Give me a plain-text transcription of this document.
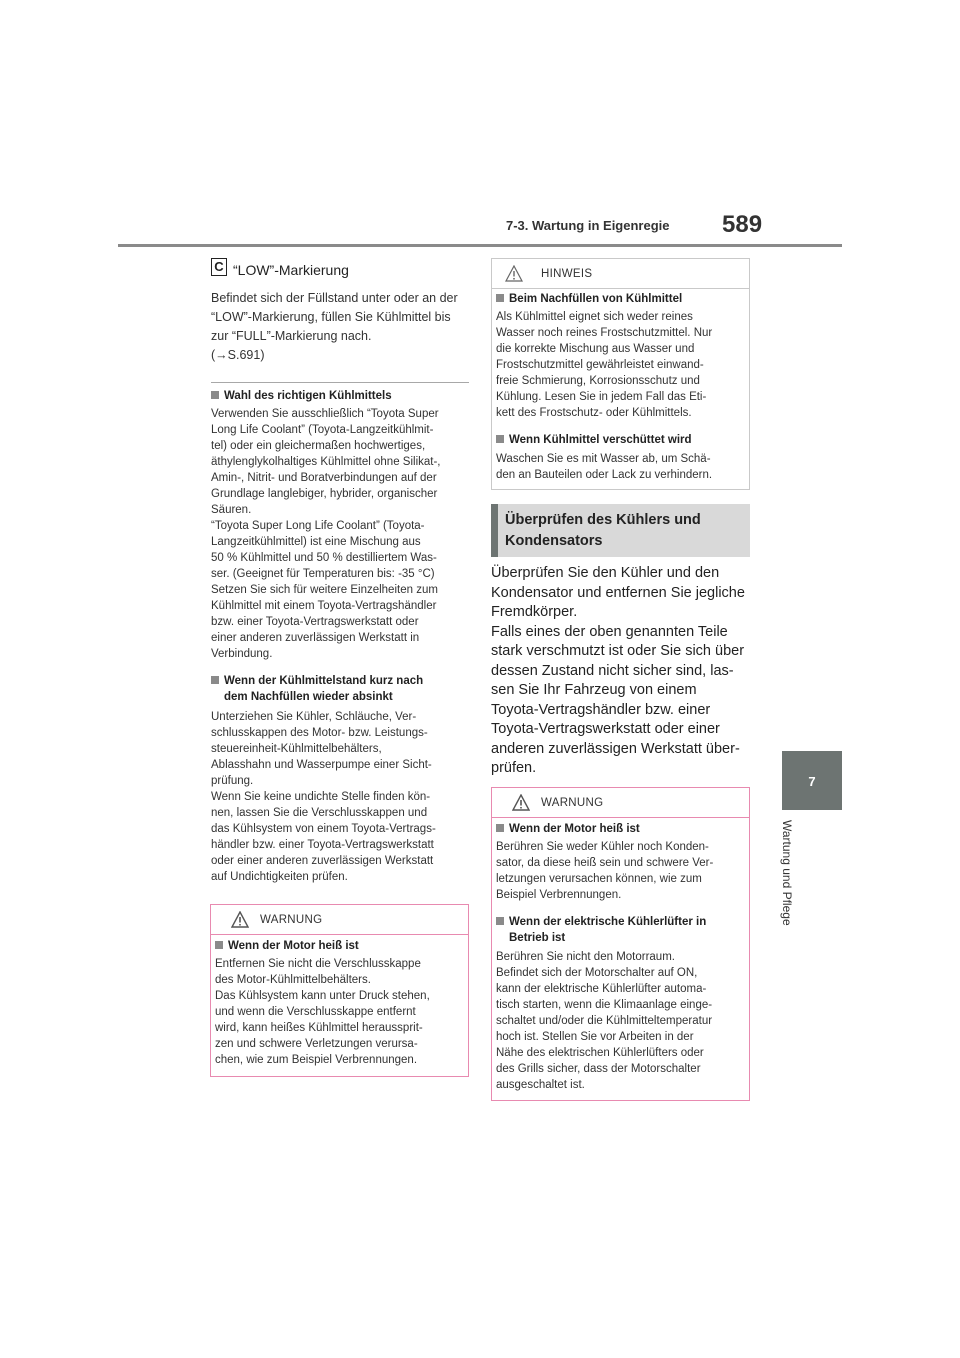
7-3. Wartung in Eigenregie 589
7
Wartung und Pflege
C “LOW”-Markierung
Befindet sich der Füllstand unter oder an der
“LOW”-Markierung, füllen Sie Kühlmittel bis
zur “FULL”-Markierung nach.
(→S.691)
Wahl des richtigen Kühlmittels
Verwenden Sie ausschließlich “Toyota Super
Long Life Coolant” (Toyota-Langzeitkühlmit-
tel) oder ein gleichermaßen hochwertiges,
äthylenglykolhaltiges Kühlmittel ohne Silikat-,
Amin-, Nitrit- und Boratverbindungen auf der
Grundlage langlebiger, hybrider, organischer
Säuren.
“Toyota Super Long Life Coolant” (Toyota-
Langzeitkühlmittel) ist eine Mischung aus
50 % Kühlmittel und 50 % destilliertem Was-
ser. (Geeignet für Temperaturen bis: -35 °C)
Setzen Sie sich für weitere Einzelheiten zum
Kühlmittel mit einem Toyota-Vertragshändler
bzw. einer Toyota-Vertragswerkstatt oder
einer anderen zuverlässigen Werkstatt in
Verbindung.
Wenn der Kühlmittelstand kurz nach
dem Nachfüllen wieder absinkt
Unterziehen Sie Kühler, Schläuche, Ver-
schlusskappen des Motor- bzw. Leistungs-
steuereinheit-Kühlmittelbehälters,
Ablasshahn und Wasserpumpe einer Sicht-
prüfung.
Wenn Sie keine undichte Stelle finden kön-
nen, lassen Sie die Verschlusskappen und
das Kühlsystem von einem Toyota-Vertrags-
händler bzw. einer Toyota-Vertragswerkstatt
oder einer anderen zuverlässigen Werkstatt
auf Undichtigkeiten prüfen.
WARNUNG
Wenn der Motor heiß ist
Entfernen Sie nicht die Verschlusskappe
des Motor-Kühlmittelbehälters.
Das Kühlsystem kann unter Druck stehen,
und wenn die Verschlusskappe entfernt
wird, kann heißes Kühlmittel heraussprit-
zen und schwere Verletzungen verursa-
chen, wie zum Beispiel Verbrennungen.
HINWEIS
Beim Nachfüllen von Kühlmittel
Als Kühlmittel eignet sich weder reines
Wasser noch reines Frostschutzmittel. Nur
die korrekte Mischung aus Wasser und
Frostschutzmittel gewährleistet einwand-
freie Schmierung, Korrosionsschutz und
Kühlung. Lesen Sie in jedem Fall das Eti-
kett des Frostschutz- oder Kühlmittels.
Wenn Kühlmittel verschüttet wird
Waschen Sie es mit Wasser ab, um Schä-
den an Bauteilen oder Lack zu verhindern.
Überprüfen des Kühlers und
Kondensators
Überprüfen Sie den Kühler und den
Kondensator und entfernen Sie jegliche
Fremdkörper.
Falls eines der oben genannten Teile
stark verschmutzt ist oder Sie sich über
dessen Zustand nicht sicher sind, las-
sen Sie Ihr Fahrzeug von einem
Toyota-Vertragshändler bzw. einer
Toyota-Vertragswerkstatt oder einer
anderen zuverlässigen Werkstatt über-
prüfen.
WARNUNG
Wenn der Motor heiß ist
Berühren Sie weder Kühler noch Konden-
sator, da diese heiß sein und schwere Ver-
letzungen verursachen können, wie zum
Beispiel Verbrennungen.
Wenn der elektrische Kühlerlüfter in
Betrieb ist
Berühren Sie nicht den Motorraum.
Befindet sich der Motorschalter auf ON,
kann der elektrische Kühlerlüfter automa-
tisch starten, wenn die Klimaanlage einge-
schaltet und/oder die Kühlmitteltemperatur
hoch ist. Stellen Sie vor Arbeiten in der
Nähe des elektrischen Kühlerlüfters oder
des Grills sicher, dass der Motorschalter
ausgeschaltet ist.
